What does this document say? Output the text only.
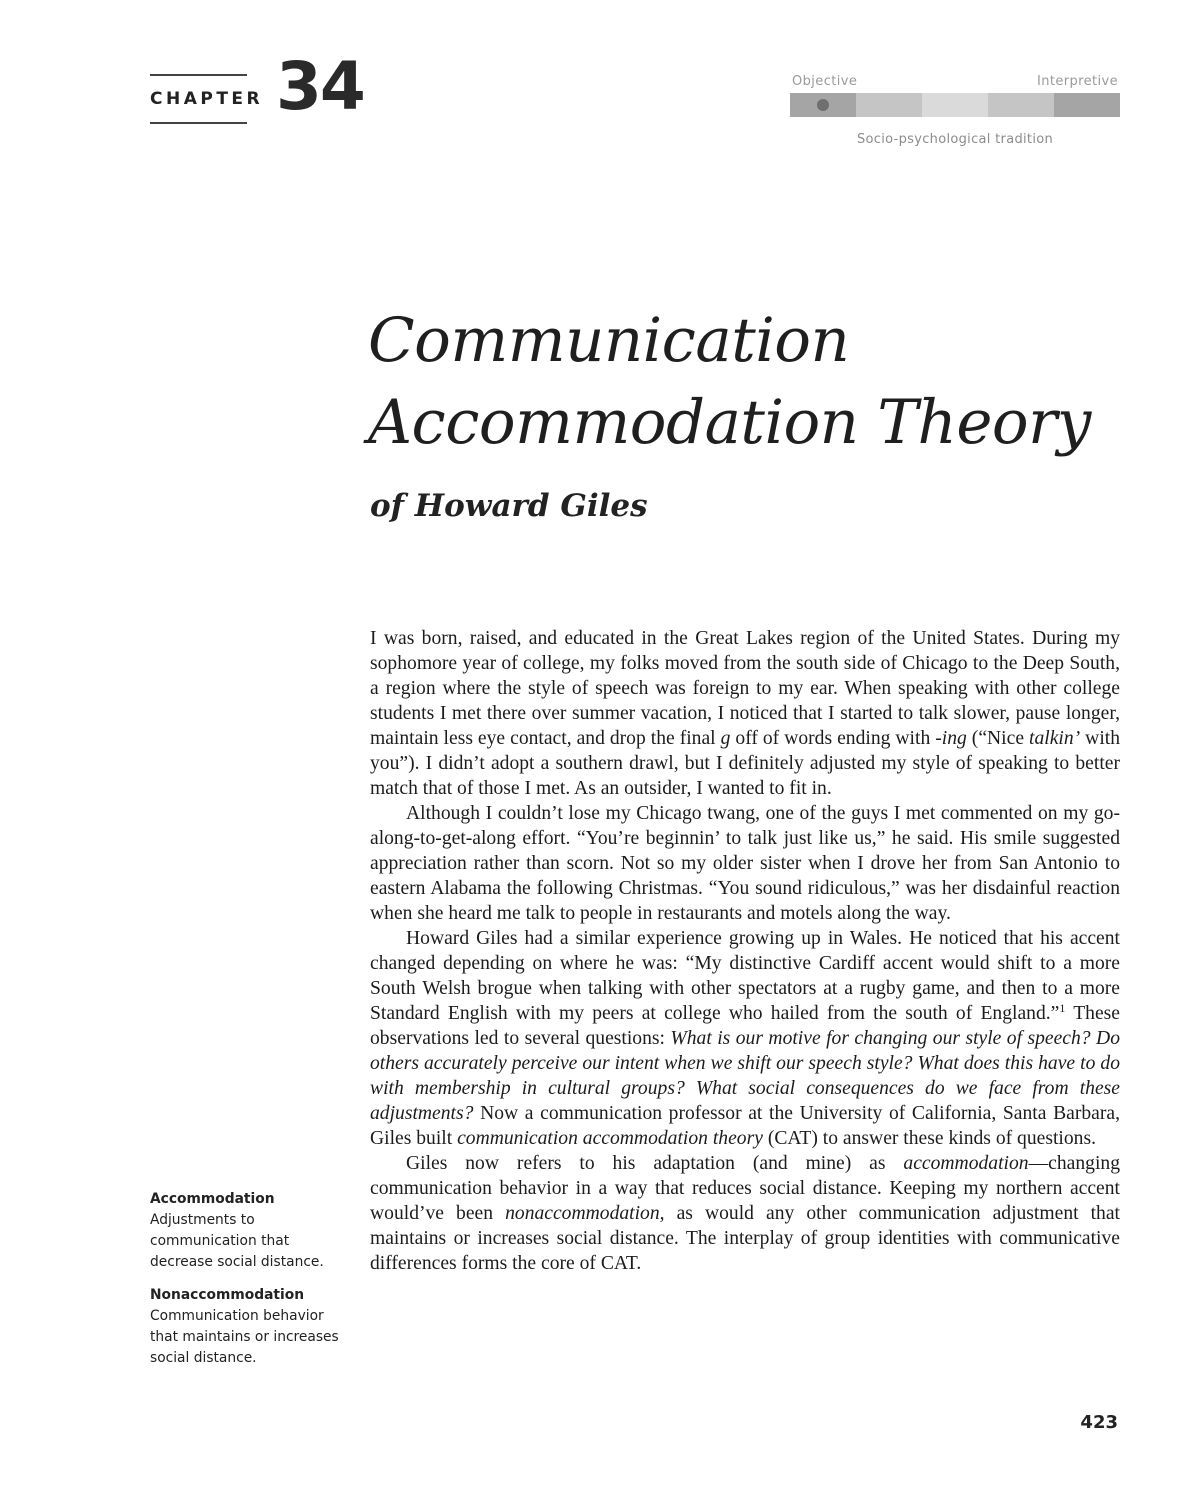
CHAPTER 34	Objective	Interpretive
Socio-psychological tradition
Communication
Accommodation Theory
of Howard Giles

I was born, raised, and educated in the Great Lakes region of the United States. During my sophomore year of college, my folks moved from the south side of Chicago to the Deep South, a region where the style of speech was foreign to my ear. When speaking with other college students I met there over summer vacation, I noticed that I started to talk slower, pause longer, maintain less eye contact, and drop the final g off of words ending with -ing (“Nice talkin’ with you”). I didn’t adopt a southern drawl, but I definitely adjusted my style of speaking to better match that of those I met. As an outsider, I wanted to fit in.

Although I couldn’t lose my Chicago twang, one of the guys I met commented on my go-along-to-get-along effort. “You’re beginnin’ to talk just like us,” he said. His smile suggested appreciation rather than scorn. Not so my older sister when I drove her from San Antonio to eastern Alabama the following Christmas. “You sound ridiculous,” was her disdainful reaction when she heard me talk to people in restaurants and motels along the way.

Howard Giles had a similar experience growing up in Wales. He noticed that his accent changed depending on where he was: “My distinctive Cardiff accent would shift to a more South Welsh brogue when talking with other spectators at a rugby game, and then to a more Standard English with my peers at college who hailed from the south of England.”$^1$ These observations led to several questions: What is our motive for changing our style of speech? Do others accurately perceive our intent when we shift our speech style? What does this have to do with membership in cultural groups? What social consequences do we face from these adjustments? Now a communication professor at the University of California, Santa Barbara, Giles built communication accommodation theory (CAT) to answer these kinds of questions.

Giles now refers to his adaptation (and mine) as accommodation—changing communication behavior in a way that reduces social distance. Keeping my northern accent would’ve been nonaccommodation, as would any other communication adjustment that maintains or increases social distance. The interplay of group identities with communicative differences forms the core of CAT.

Accommodation
Adjustments to communication that decrease social distance.
Nonaccommodation
Communication behavior that maintains or increases social distance.
423
